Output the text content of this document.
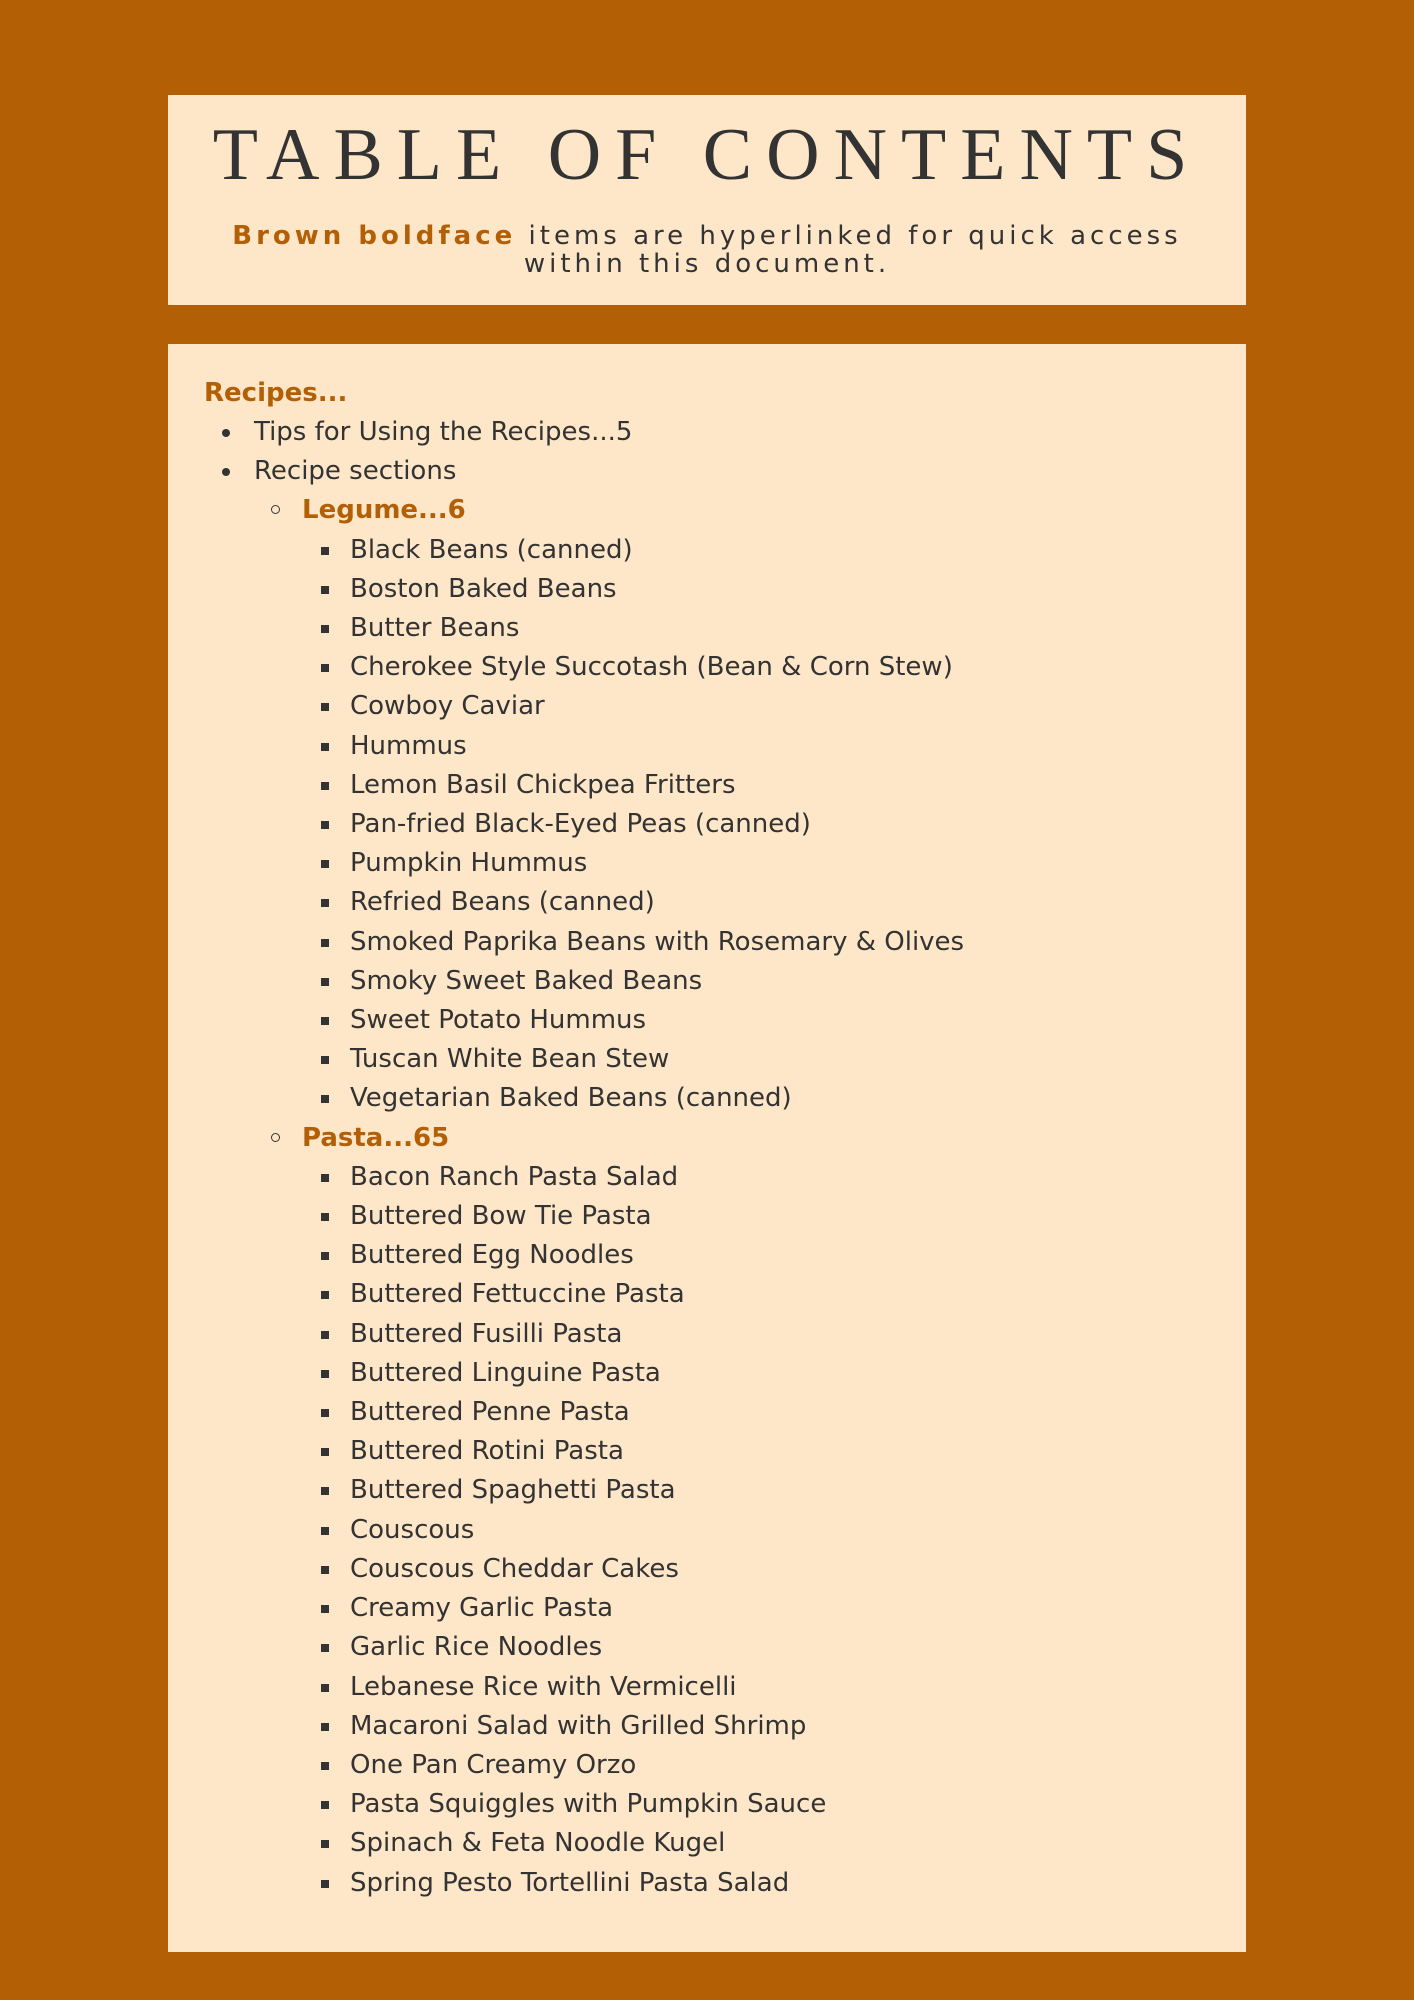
TABLE OF CONTENTS

Brown boldface items are hyperlinked for quick access within this document.

Recipes...
Tips for Using the Recipes...5
Recipe sections
Legume...6
Black Beans (canned)
Boston Baked Beans
Butter Beans
Cherokee Style Succotash (Bean & Corn Stew)
Cowboy Caviar
Hummus
Lemon Basil Chickpea Fritters
Pan-fried Black-Eyed Peas (canned)
Pumpkin Hummus
Refried Beans (canned)
Smoked Paprika Beans with Rosemary & Olives
Smoky Sweet Baked Beans
Sweet Potato Hummus
Tuscan White Bean Stew
Vegetarian Baked Beans (canned)
Pasta...65
Bacon Ranch Pasta Salad
Buttered Bow Tie Pasta
Buttered Egg Noodles
Buttered Fettuccine Pasta
Buttered Fusilli Pasta
Buttered Linguine Pasta
Buttered Penne Pasta
Buttered Rotini Pasta
Buttered Spaghetti Pasta
Couscous
Couscous Cheddar Cakes
Creamy Garlic Pasta
Garlic Rice Noodles
Lebanese Rice with Vermicelli
Macaroni Salad with Grilled Shrimp
One Pan Creamy Orzo
Pasta Squiggles with Pumpkin Sauce
Spinach & Feta Noodle Kugel
Spring Pesto Tortellini Pasta Salad
